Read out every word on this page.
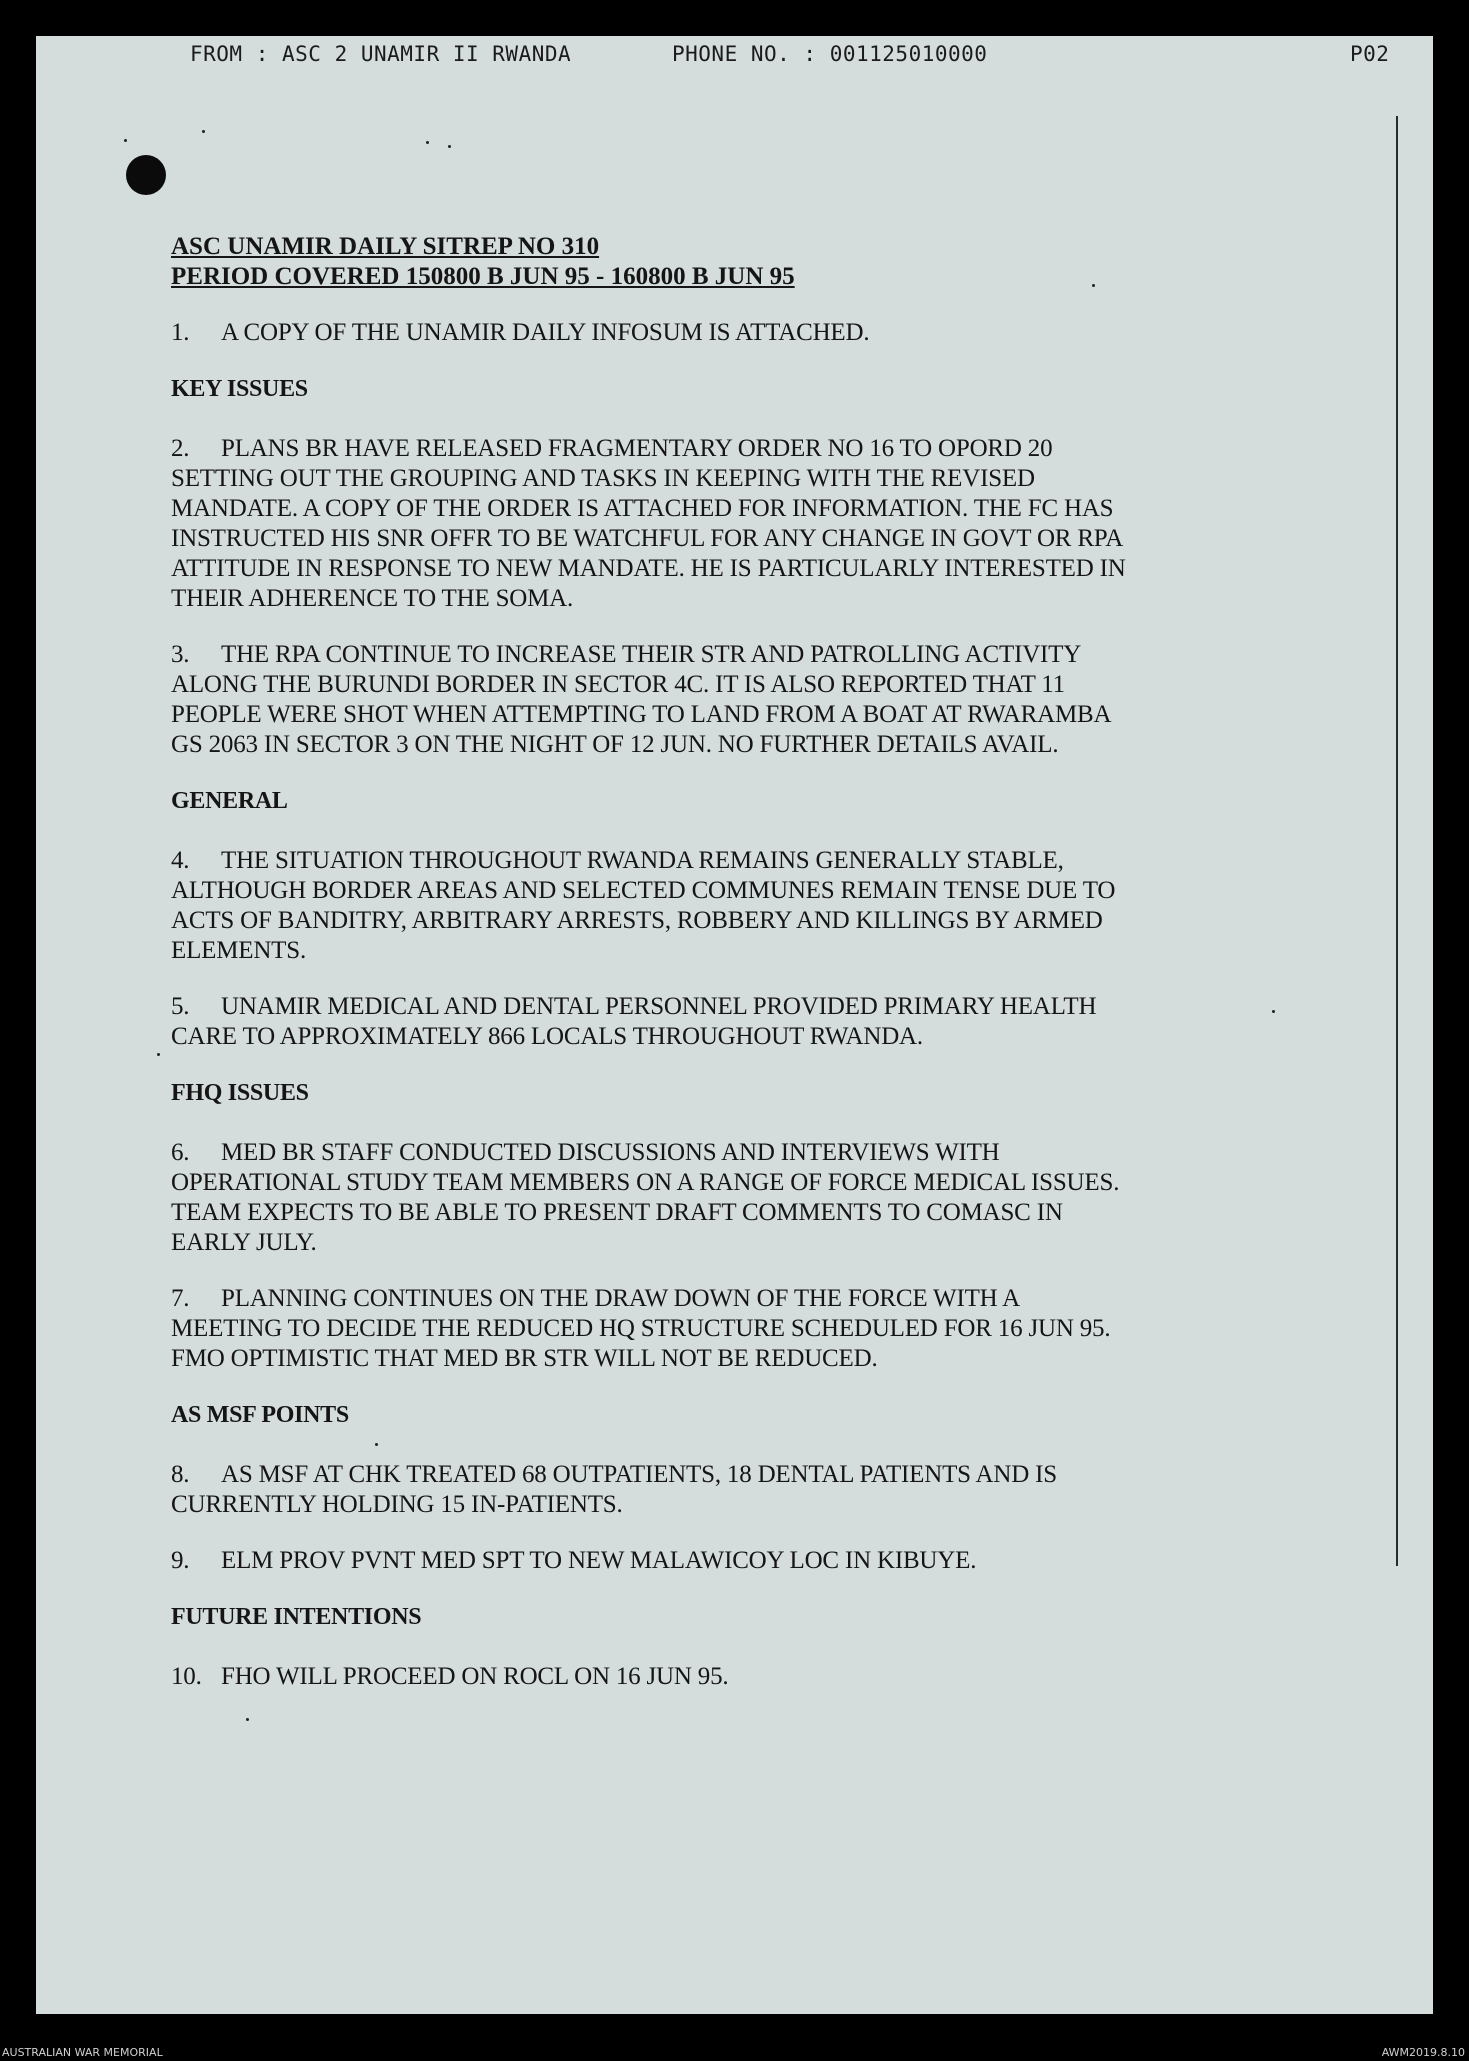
FROM : ASC 2 UNAMIR II RWANDA	PHONE NO. : 001125010000	P02
ASC UNAMIR DAILY SITREP NO 310
PERIOD COVERED 150800 B JUN 95 - 160800 B JUN 95
1. A COPY OF THE UNAMIR DAILY INFOSUM IS ATTACHED.
KEY ISSUES
2. PLANS BR HAVE RELEASED FRAGMENTARY ORDER NO 16 TO OPORD 20
SETTING OUT THE GROUPING AND TASKS IN KEEPING WITH THE REVISED
MANDATE. A COPY OF THE ORDER IS ATTACHED FOR INFORMATION. THE FC HAS
INSTRUCTED HIS SNR OFFR TO BE WATCHFUL FOR ANY CHANGE IN GOVT OR RPA
ATTITUDE IN RESPONSE TO NEW MANDATE. HE IS PARTICULARLY INTERESTED IN
THEIR ADHERENCE TO THE SOMA.
3. THE RPA CONTINUE TO INCREASE THEIR STR AND PATROLLING ACTIVITY
ALONG THE BURUNDI BORDER IN SECTOR 4C. IT IS ALSO REPORTED THAT 11
PEOPLE WERE SHOT WHEN ATTEMPTING TO LAND FROM A BOAT AT RWARAMBA
GS 2063 IN SECTOR 3 ON THE NIGHT OF 12 JUN. NO FURTHER DETAILS AVAIL.
GENERAL
4. THE SITUATION THROUGHOUT RWANDA REMAINS GENERALLY STABLE,
ALTHOUGH BORDER AREAS AND SELECTED COMMUNES REMAIN TENSE DUE TO
ACTS OF BANDITRY, ARBITRARY ARRESTS, ROBBERY AND KILLINGS BY ARMED
ELEMENTS.
5. UNAMIR MEDICAL AND DENTAL PERSONNEL PROVIDED PRIMARY HEALTH
CARE TO APPROXIMATELY 866 LOCALS THROUGHOUT RWANDA.
FHQ ISSUES
6. MED BR STAFF CONDUCTED DISCUSSIONS AND INTERVIEWS WITH
OPERATIONAL STUDY TEAM MEMBERS ON A RANGE OF FORCE MEDICAL ISSUES.
TEAM EXPECTS TO BE ABLE TO PRESENT DRAFT COMMENTS TO COMASC IN
EARLY JULY.
7. PLANNING CONTINUES ON THE DRAW DOWN OF THE FORCE WITH A
MEETING TO DECIDE THE REDUCED HQ STRUCTURE SCHEDULED FOR 16 JUN 95.
FMO OPTIMISTIC THAT MED BR STR WILL NOT BE REDUCED.
AS MSF POINTS
8. AS MSF AT CHK TREATED 68 OUTPATIENTS, 18 DENTAL PATIENTS AND IS
CURRENTLY HOLDING 15 IN-PATIENTS.
9. ELM PROV PVNT MED SPT TO NEW MALAWICOY LOC IN KIBUYE.
FUTURE INTENTIONS
10. FHO WILL PROCEED ON ROCL ON 16 JUN 95.
AUSTRALIAN WAR MEMORIAL	AWM2019.8.10
